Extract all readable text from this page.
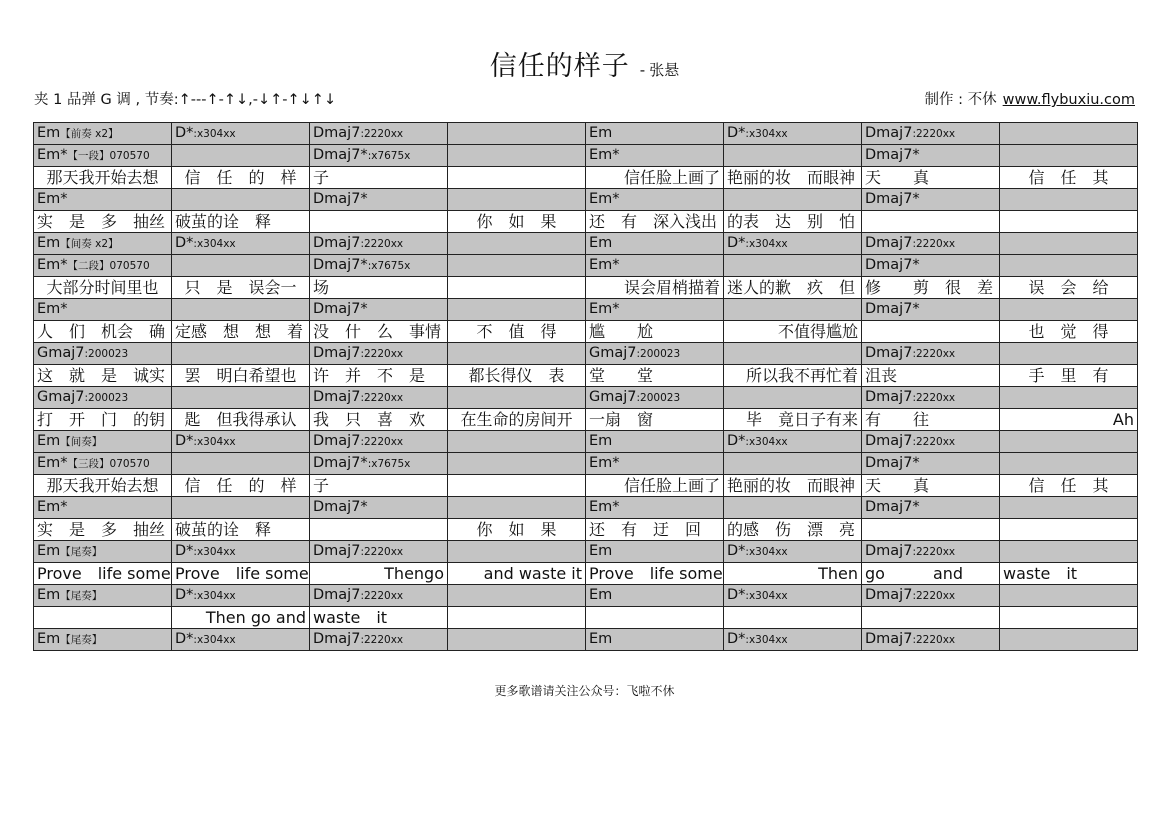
信任的样子 - 张悬
夹 1 品弹 G 调 , 节奏:↑---↑-↑↓,-↓↑-↑↓↑↓	制作 : 不休 www.flybuxiu.com
Em【前奏 x2】	D*:x304xx	Dmaj7:2220xx		Em	D*:x304xx	Dmaj7:2220xx	
Em*【一段】070570		Dmaj7*:x7675x		Em*		Dmaj7*	
那天我开始去想	信　任　的　样	子		信任脸上画了	艳丽的妆　而眼神	天　　真	信　任　其
Em*		Dmaj7*		Em*		Dmaj7*	
实　是　多　抽丝	破茧的诠　释		你　如　果	还　有　深入浅出	的表　达　别　怕		
Em【间奏 x2】	D*:x304xx	Dmaj7:2220xx		Em	D*:x304xx	Dmaj7:2220xx	
Em*【二段】070570		Dmaj7*:x7675x		Em*		Dmaj7*	
大部分时间里也	只　是　误会一	场		误会眉梢描着	迷人的歉　疚　但	修　　剪　很　差	误　会　给
Em*		Dmaj7*		Em*		Dmaj7*	
人　们　机会　确	定感　想　想　着	没　什　么　事情	不　值　得	尴　　尬	不值得尴尬		也　觉　得
Gmaj7:200023		Dmaj7:2220xx		Gmaj7:200023		Dmaj7:2220xx	
这　就　是　诚实	罢　明白希望也	许　并　不　是	都长得仪　表	堂　　堂	所以我不再忙着	沮丧	手　里　有
Gmaj7:200023		Dmaj7:2220xx		Gmaj7:200023		Dmaj7:2220xx	
打　开　门　的钥	匙　但我得承认	我　只　喜　欢	在生命的房间开	一扇　窗	毕　竟日子有来	有　　往	Ah
Em【间奏】	D*:x304xx	Dmaj7:2220xx		Em	D*:x304xx	Dmaj7:2220xx	
Em*【三段】070570		Dmaj7*:x7675x		Em*		Dmaj7*	
那天我开始去想	信　任　的　样	子		信任脸上画了	艳丽的妆　而眼神	天　　真	信　任　其
Em*		Dmaj7*		Em*		Dmaj7*	
实　是　多　抽丝	破茧的诠　释		你　如　果	还　有　迂　回	的感　伤　漂　亮		
Em【尾奏】	D*:x304xx	Dmaj7:2220xx		Em	D*:x304xx	Dmaj7:2220xx	
Prove　life some	Prove　life some	Thengo	and waste it	Prove　life some	Then	go　　　and	waste　it
Em【尾奏】	D*:x304xx	Dmaj7:2220xx		Em	D*:x304xx	Dmaj7:2220xx	
	Then go and	waste　it					
Em【尾奏】	D*:x304xx	Dmaj7:2220xx		Em	D*:x304xx	Dmaj7:2220xx	
更多歌谱请关注公众号：飞啦不休
